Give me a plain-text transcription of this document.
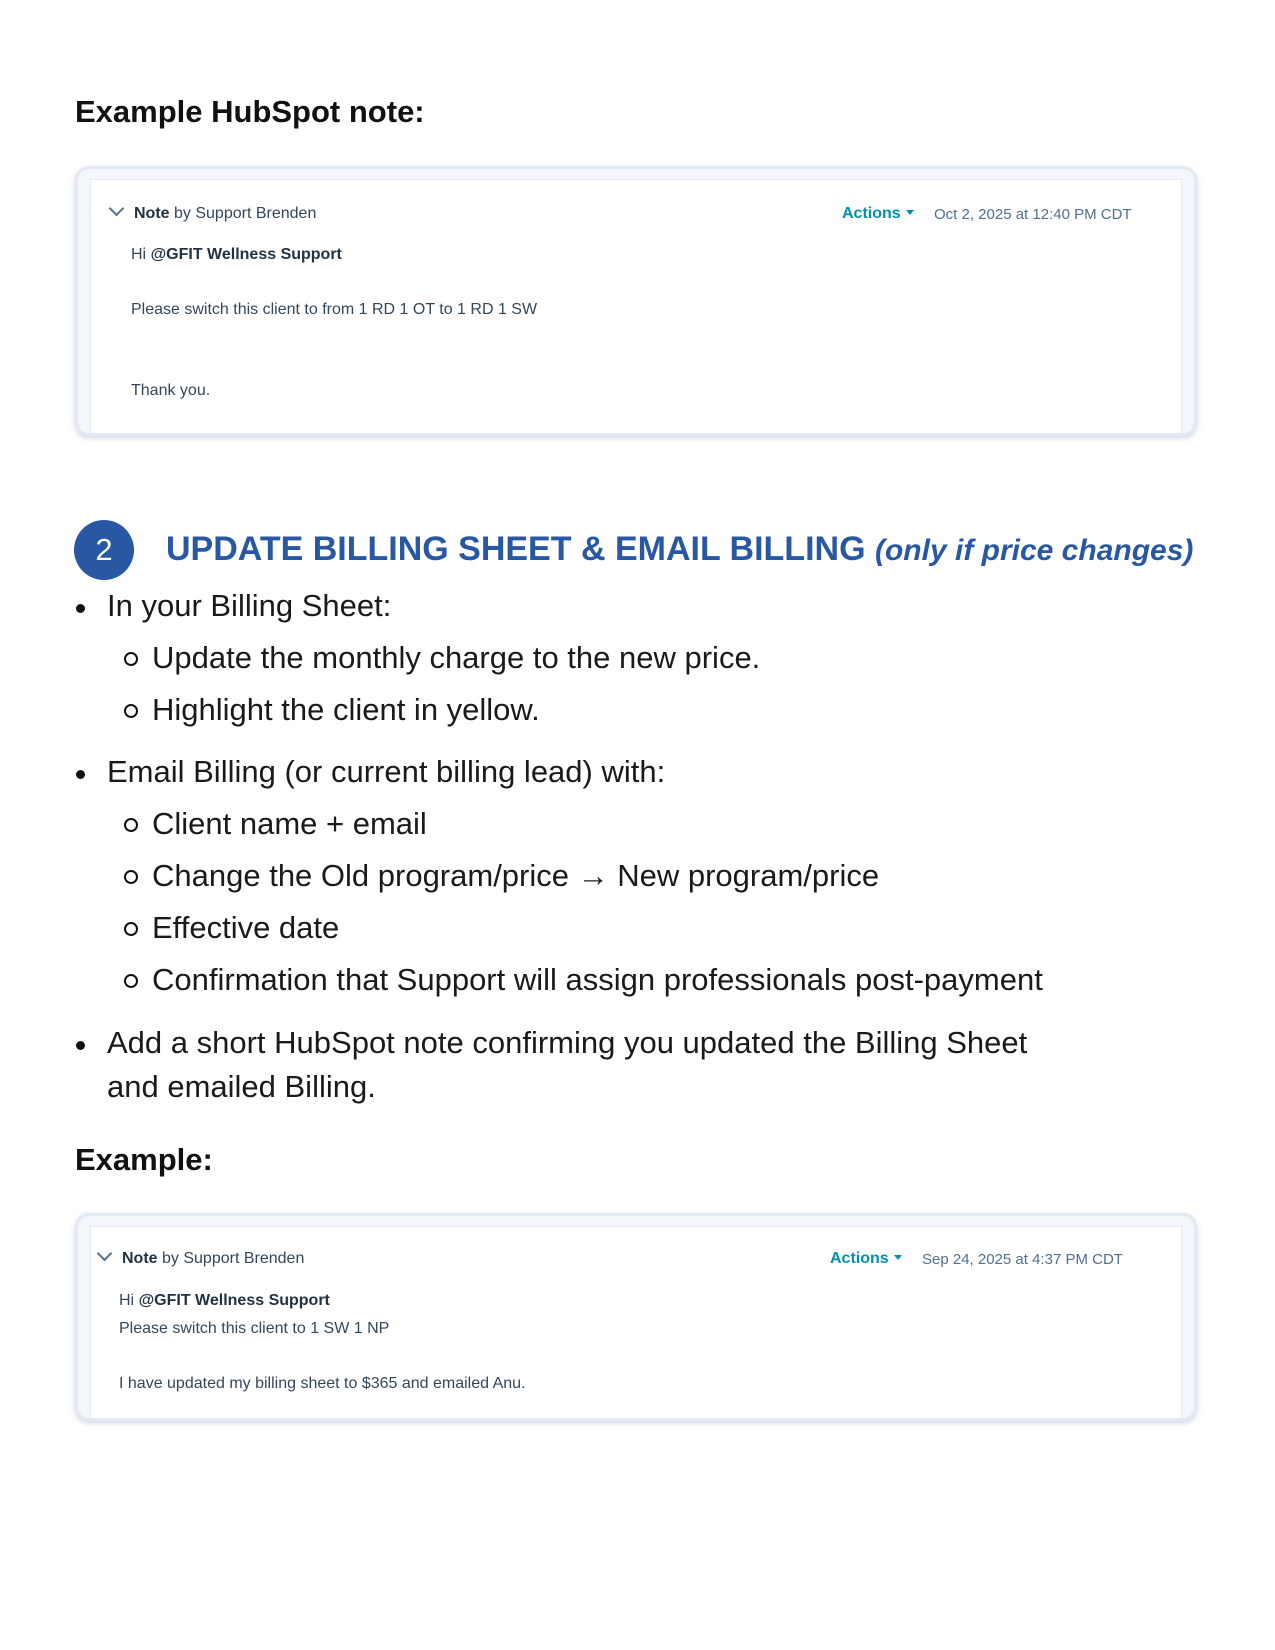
Example HubSpot note:
Note by Support Brenden	Actions	Oct 2, 2025 at 12:40 PM CDT
Hi @GFIT Wellness Support
Please switch this client to from 1 RD 1 OT to 1 RD 1 SW
Thank you.
2	UPDATE BILLING SHEET & EMAIL BILLING (only if price changes)
In your Billing Sheet:
Update the monthly charge to the new price.
Highlight the client in yellow.
Email Billing (or current billing lead) with:
Client name + email
Change the Old program/price → New program/price
Effective date
Confirmation that Support will assign professionals post-payment
Add a short HubSpot note confirming you updated the Billing Sheet
and emailed Billing.
Example:
Note by Support Brenden	Actions	Sep 24, 2025 at 4:37 PM CDT
Hi @GFIT Wellness Support
Please switch this client to 1 SW 1 NP
I have updated my billing sheet to $365 and emailed Anu.
